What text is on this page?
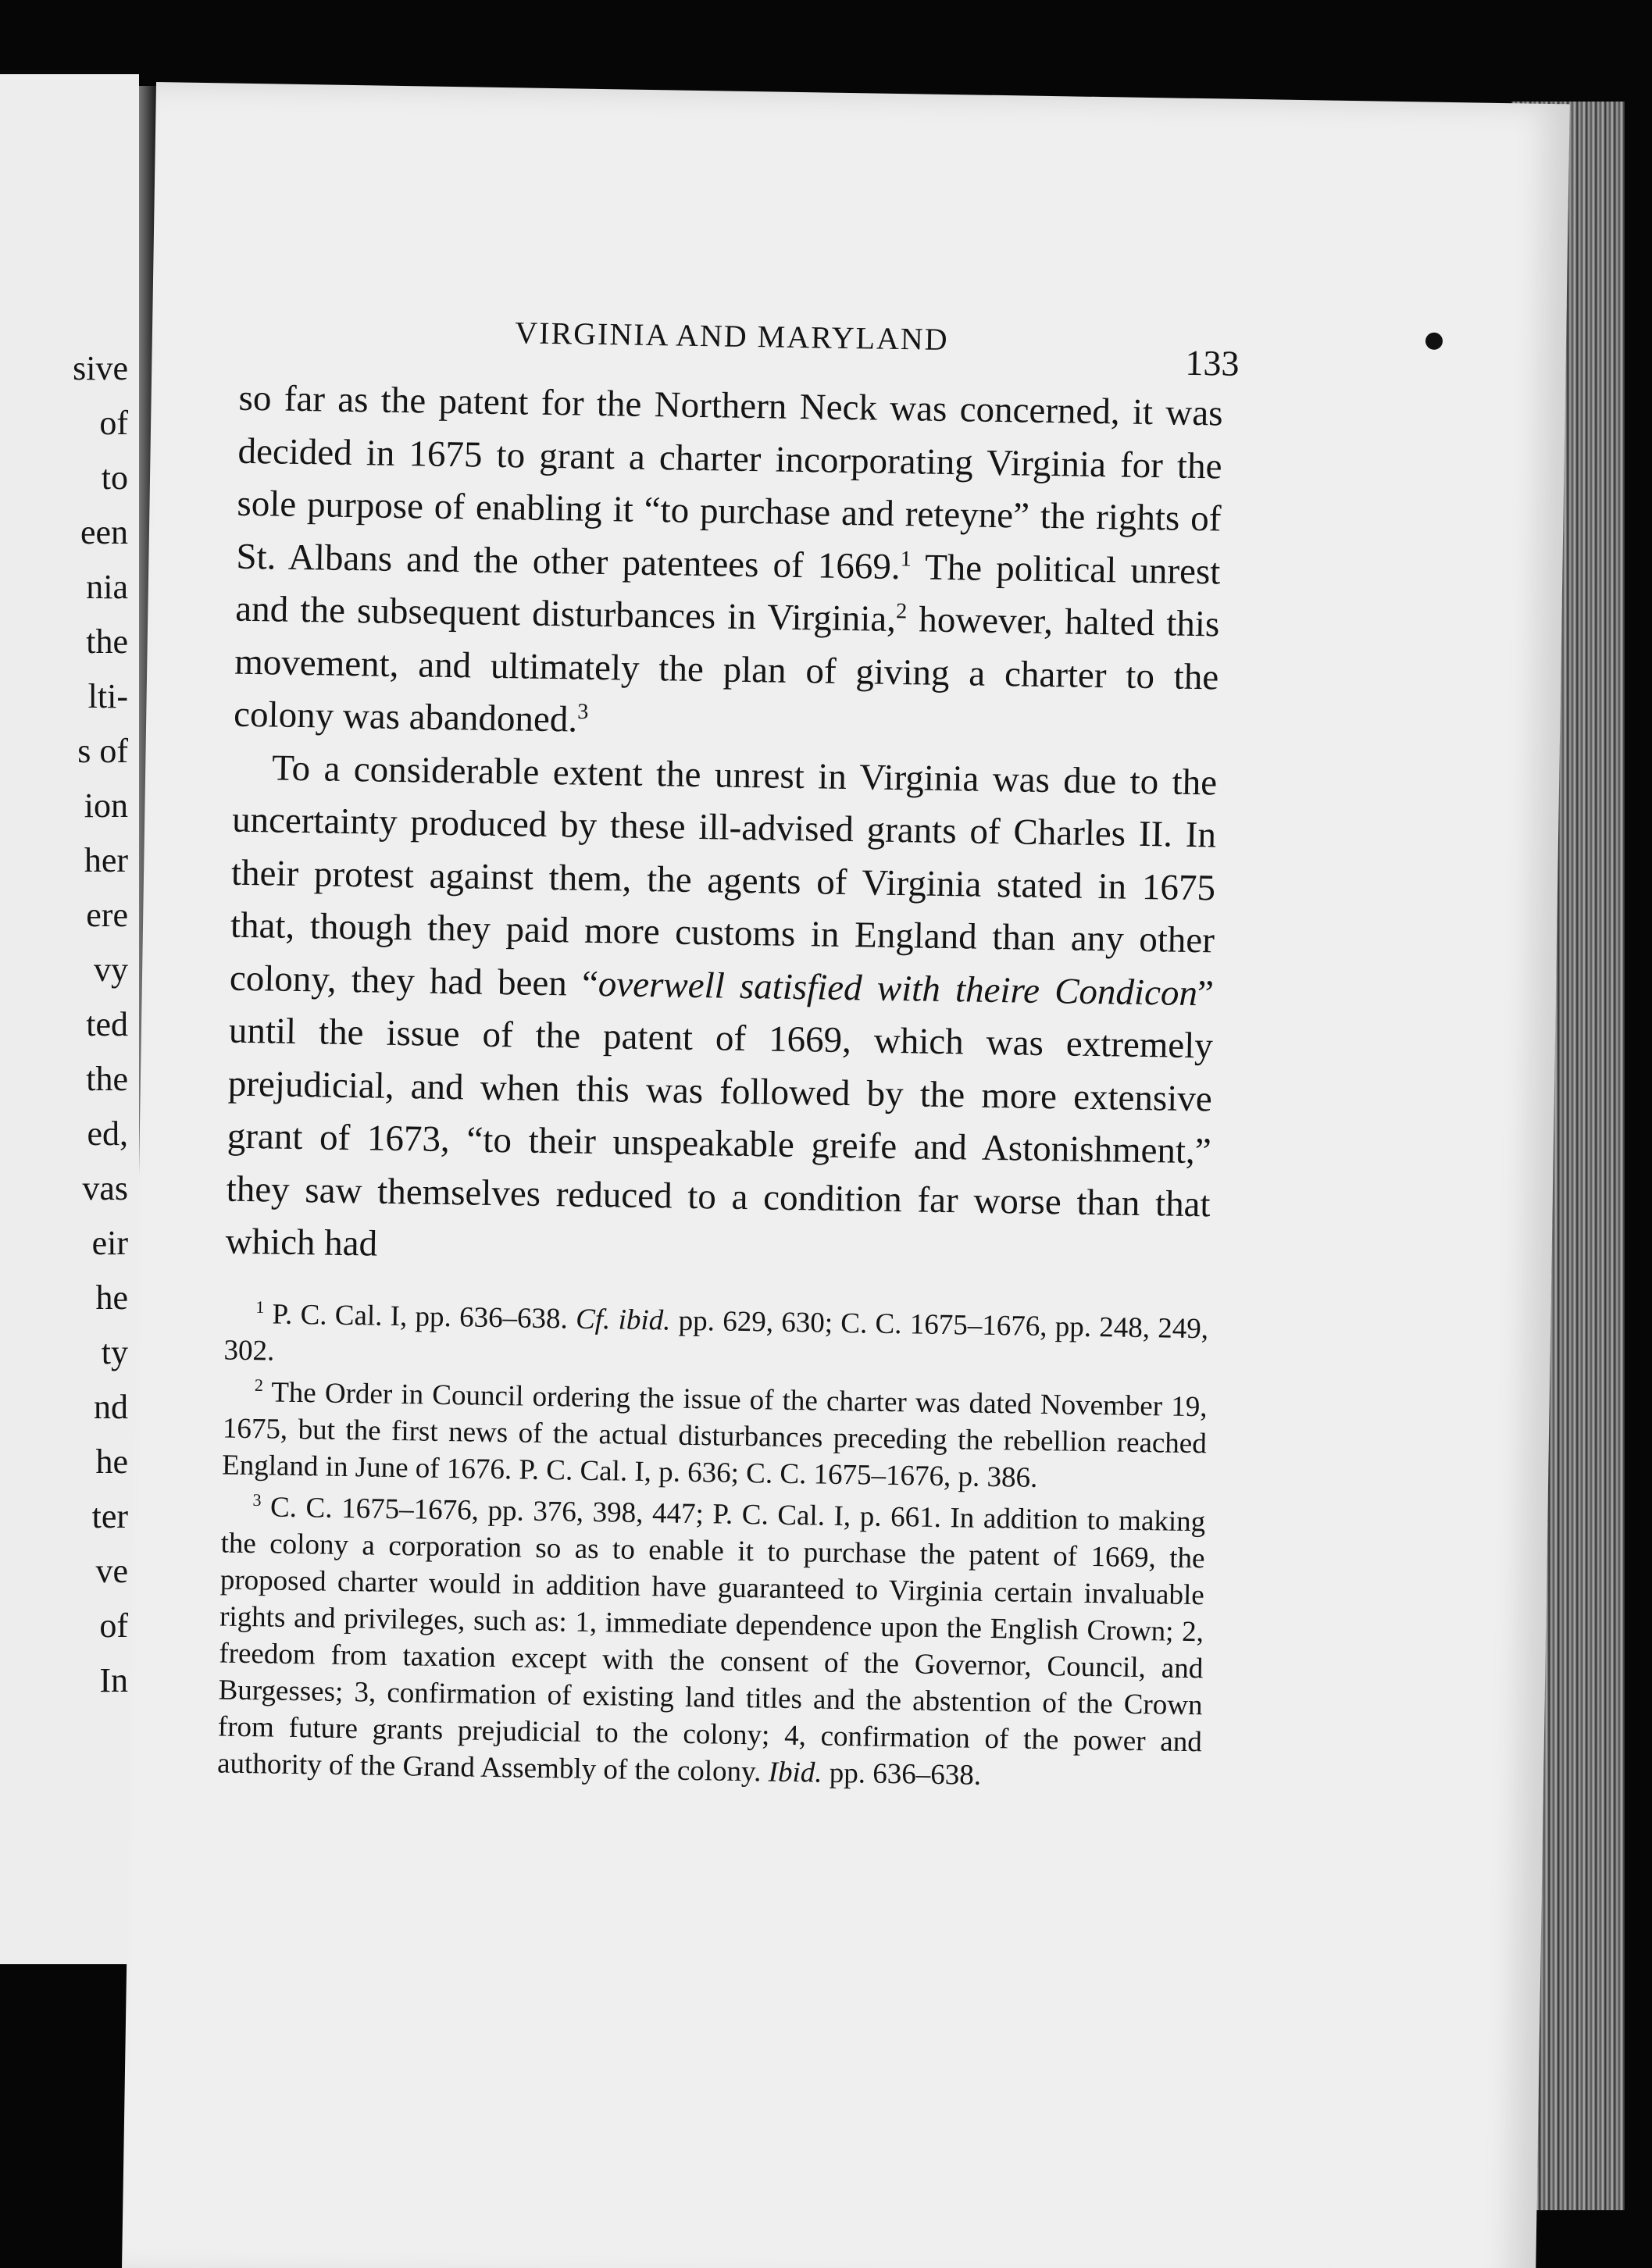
sive
of
to
een
nia
the
lti-
s of
ion
her
ere
vy
ted
the
ed,
vas
eir
he
ty
nd
he
ter
ve
of
In
VIRGINIA AND MARYLAND
133

so far as the patent for the Northern Neck was concerned, it was decided in 1675 to grant a charter incorporating Virginia for the sole purpose of enabling it “to purchase and reteyne” the rights of St. Albans and the other patentees of 1669.$^1$ The political unrest and the subsequent disturbances in Virginia,$^2$ however, halted this movement, and ultimately the plan of giving a charter to the colony was abandoned.$^3$

To a considerable extent the unrest in Virginia was due to the uncertainty produced by these ill-advised grants of Charles II. In their protest against them, the agents of Virginia stated in 1675 that, though they paid more customs in England than any other colony, they had been “overwell satisfied with theire Condicon” until the issue of the patent of 1669, which was extremely prejudicial, and when this was followed by the more extensive grant of 1673, “to their unspeakable greife and Astonishment,” they saw themselves reduced to a condition far worse than that which had

$^1$ P. C. Cal. I, pp. 636–638. Cf. ibid. pp. 629, 630; C. C. 1675–1676, pp. 248, 249, 302.

$^2$ The Order in Council ordering the issue of the charter was dated November 19, 1675, but the first news of the actual disturbances preceding the rebellion reached England in June of 1676. P. C. Cal. I, p. 636; C. C. 1675–1676, p. 386.

$^3$ C. C. 1675–1676, pp. 376, 398, 447; P. C. Cal. I, p. 661. In addition to making the colony a corporation so as to enable it to purchase the patent of 1669, the proposed charter would in addition have guaranteed to Virginia certain invaluable rights and privileges, such as: 1, immediate dependence upon the English Crown; 2, freedom from taxation except with the consent of the Governor, Council, and Burgesses; 3, confirmation of existing land titles and the abstention of the Crown from future grants prejudicial to the colony; 4, confirmation of the power and authority of the Grand Assembly of the colony. Ibid. pp. 636–638.
